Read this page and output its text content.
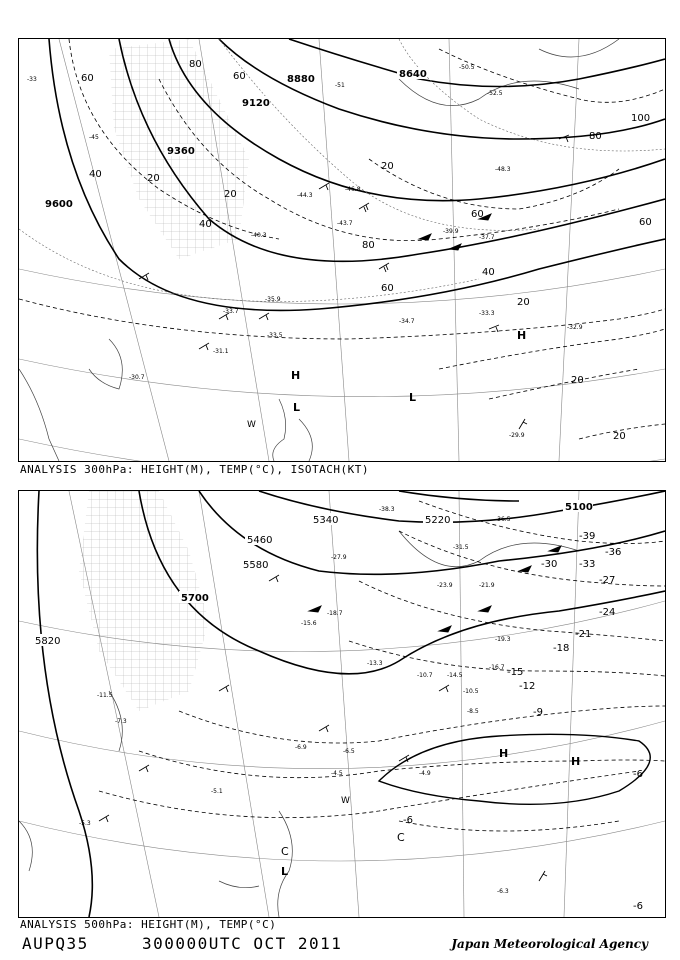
9600
9360
9120
8880	8640
60
40	20
80
100
20
40
60
80
40
60
80
20
20
20
20
60
60
H
H
L
L
W
-33
-45
-51
-50.5
-52.5
-48.3
-46.8
-44.3
-43.7
-40.3
-39.9
-37.7
-35.9
-34.7
-33.7
-33.5
-32.9
-33.3
-31.1
-30.7
-29.9
ANALYSIS 300hPa: HEIGHT(M), TEMP(°C), ISOTACH(KT)
5820
5700
5580
5460
5340	5220
5100
-39
-36
-33
-30
-27
-24
-21
-18
-15
-12
-9
-6
-6
-6
H
H
C
C
L
W
-38.3
-36.5
-31.5
-27.9
-23.9	-21.9
-19.3
-18.7
-16.7
-15.6
-14.5
-13.3
-11.5
-10.7
-10.5
-8.5
-7.3
-6.9
-6.5
-5.1
-4.9
-4.5
-6.3
-5.3
ANALYSIS 500hPa: HEIGHT(M), TEMP(°C)
AUPQ35	300000UTC OCT 2011	Japan Meteorological Agency
